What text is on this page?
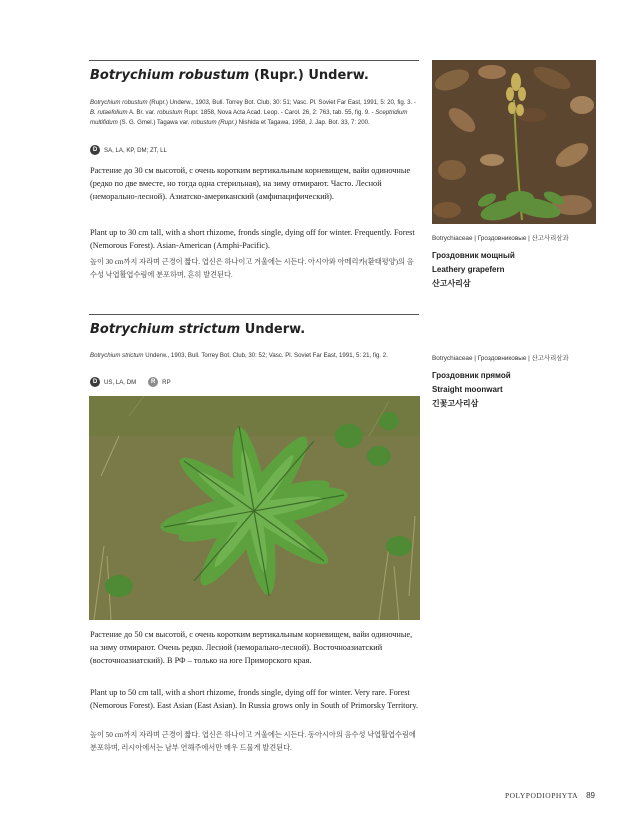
Botrychium robustum (Rupr.) Underw.

Botrychium robustum (Rupr.) Underw., 1903, Bull. Torrey Bot. Club, 30: 51; Vasc. Pl. Soviet Far East, 1991, 5: 20, fig. 3. - B. rutaefolium A. Br. var. robustum Rupr. 1858, Nova Acta Acad. Leop. - Carol. 26, 2: 763, tab. 55, fig. 9. - Sceptridium multifidum (S. G. Gmel.) Tagawa var. robustum (Rupr.) Nishida et Tagawa, 1958, J. Jap. Bot. 33, 7: 200.

D	SA, LA, KP, DM; ZT, LL

Растение до 30 см высотой, с очень коротким вертикальным корневищем, вайи одиночные (редко по две вместе, но тогда одна стерильная), на зиму отмирают. Часто. Лесной (неморально-лесной). Азиатско-американский (амфипацифический).

Plant up to 30 cm tall, with a short rhizome, fronds single, dying off for winter. Frequently. Forest (Nemorous Forest). Asian-American (Amphi-Pacific).

높이 30 cm까지 자라며 근경이 짧다. 엽신은 하나이고 겨울에는 시든다. 아시아와 아메리카(환태평양)의 음수성 낙엽활엽수림에 분포하며, 흔히 발견된다.

Botrychiaceae | Гроздовниковые | 산고사리삼과
Гроздовник мощный
Leathery grapefern
산고사리삼
Botrychium strictum Underw.

Botrychium strictum Underw., 1903, Bull. Torrey Bot. Club, 30: 52; Vasc. Pl. Soviet Far East, 1991, 5: 21, fig. 2.

D	US, LA, DM	R	RP

Растение до 50 см высотой, с очень коротким вертикальным корневищем, вайи одиночные, на зиму отмирают. Очень редко. Лесной (неморально-лесной). Восточноазиатский (восточноазиатский). В РФ – только на юге Приморского края.

Plant up to 50 cm tall, with a short rhizome, fronds single, dying off for winter. Very rare. Forest (Nemorous Forest). East Asian (East Asian). In Russia grows only in South of Primorsky Territory.

높이 50 cm까지 자라며 근경이 짧다. 엽신은 하나이고 겨울에는 시든다. 동아시아의 음수성 낙엽활엽수림에 분포하며, 러시아에서는 남부 연해주에서만 매우 드물게 발견된다.

Botrychiaceae | Гроздовниковые | 산고사리삼과
Гроздовник прямой
Straight moonwart
긴꽃고사리삼
POLYPODIOPHYTA 89
